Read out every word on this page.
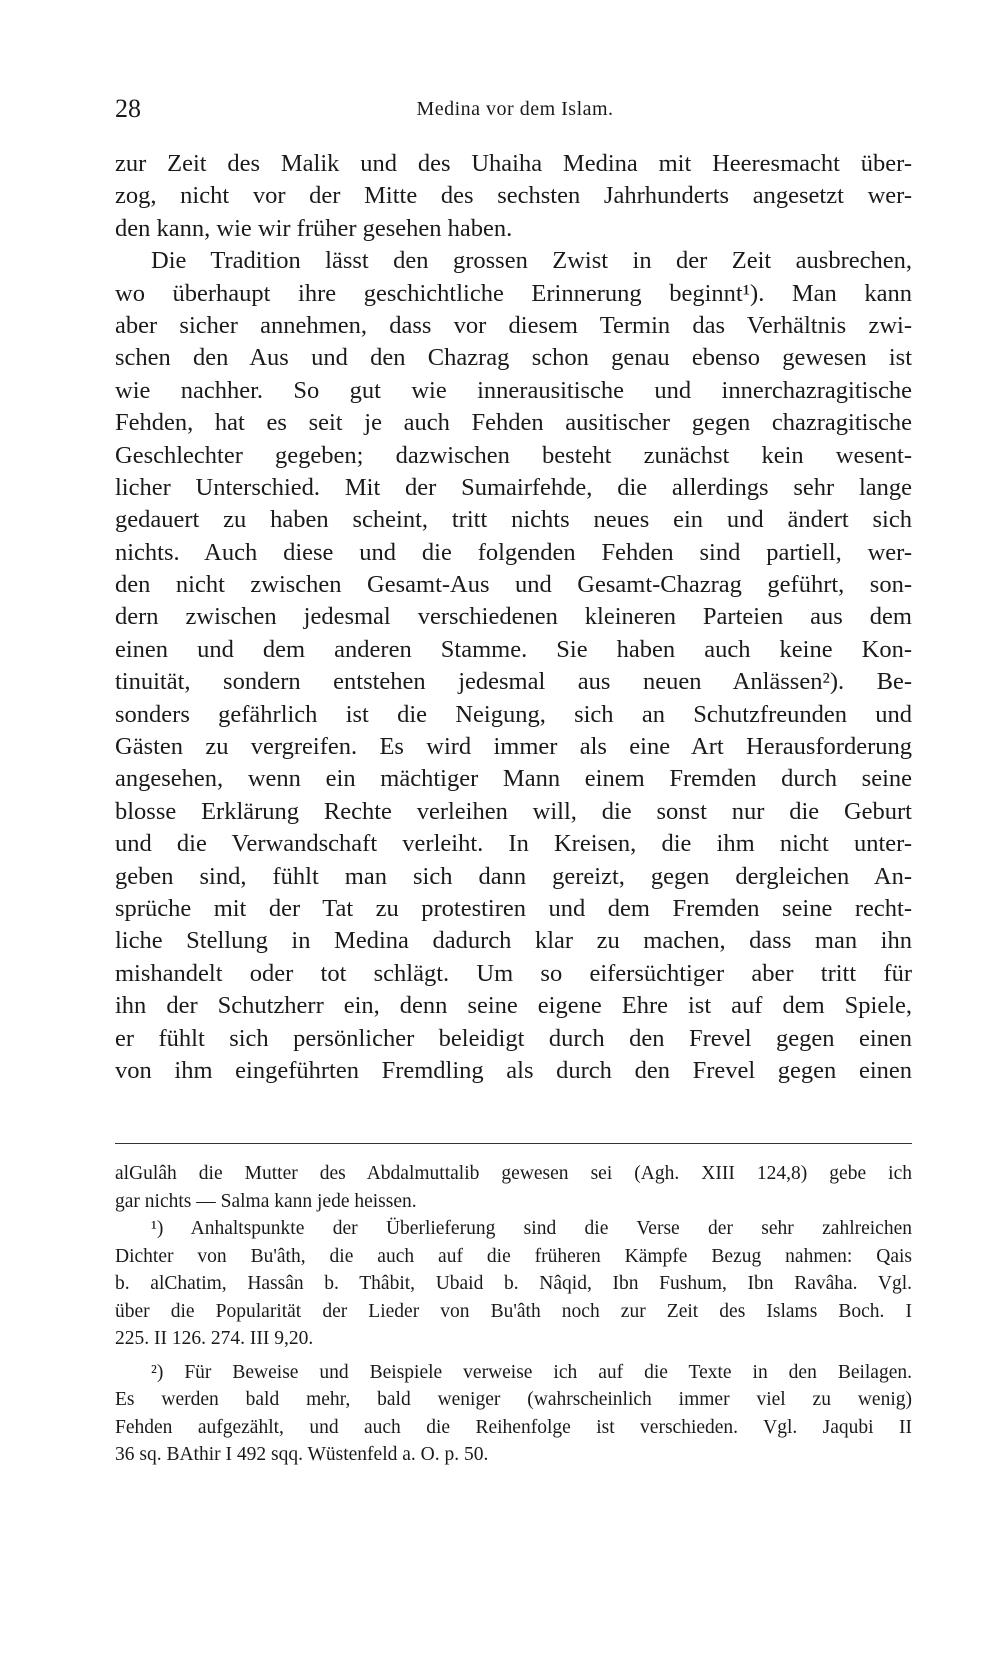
28	Medina vor dem Islam.
zur Zeit des Malik und des Uhaiha Medina mit Heeresmacht über-
zog, nicht vor der Mitte des sechsten Jahrhunderts angesetzt wer-
den kann, wie wir früher gesehen haben.
Die Tradition lässt den grossen Zwist in der Zeit ausbrechen,
wo überhaupt ihre geschichtliche Erinnerung beginnt¹). Man kann
aber sicher annehmen, dass vor diesem Termin das Verhältnis zwi-
schen den Aus und den Chazrag schon genau ebenso gewesen ist
wie nachher. So gut wie innerausitische und innerchazragitische
Fehden, hat es seit je auch Fehden ausitischer gegen chazragitische
Geschlechter gegeben; dazwischen besteht zunächst kein wesent-
licher Unterschied. Mit der Sumairfehde, die allerdings sehr lange
gedauert zu haben scheint, tritt nichts neues ein und ändert sich
nichts. Auch diese und die folgenden Fehden sind partiell, wer-
den nicht zwischen Gesamt-Aus und Gesamt-Chazrag geführt, son-
dern zwischen jedesmal verschiedenen kleineren Parteien aus dem
einen und dem anderen Stamme. Sie haben auch keine Kon-
tinuität, sondern entstehen jedesmal aus neuen Anlässen²). Be-
sonders gefährlich ist die Neigung, sich an Schutzfreunden und
Gästen zu vergreifen. Es wird immer als eine Art Herausforderung
angesehen, wenn ein mächtiger Mann einem Fremden durch seine
blosse Erklärung Rechte verleihen will, die sonst nur die Geburt
und die Verwandschaft verleiht. In Kreisen, die ihm nicht unter-
geben sind, fühlt man sich dann gereizt, gegen dergleichen An-
sprüche mit der Tat zu protestiren und dem Fremden seine recht-
liche Stellung in Medina dadurch klar zu machen, dass man ihn
mishandelt oder tot schlägt. Um so eifersüchtiger aber tritt für
ihn der Schutzherr ein, denn seine eigene Ehre ist auf dem Spiele,
er fühlt sich persönlicher beleidigt durch den Frevel gegen einen
von ihm eingeführten Fremdling als durch den Frevel gegen einen
alGulâh die Mutter des Abdalmuttalib gewesen sei (Agh. XIII 124,8) gebe ich
gar nichts — Salma kann jede heissen.
¹) Anhaltspunkte der Überlieferung sind die Verse der sehr zahlreichen
Dichter von Bu'âth, die auch auf die früheren Kämpfe Bezug nahmen: Qais
b. alChatim, Hassân b. Thâbit, Ubaid b. Nâqid, Ibn Fushum, Ibn Ravâha. Vgl.
über die Popularität der Lieder von Bu'âth noch zur Zeit des Islams Boch. I
225. II 126. 274. III 9,20.
²) Für Beweise und Beispiele verweise ich auf die Texte in den Beilagen.
Es werden bald mehr, bald weniger (wahrscheinlich immer viel zu wenig)
Fehden aufgezählt, und auch die Reihenfolge ist verschieden. Vgl. Jaqubi II
36 sq. BAthir I 492 sqq. Wüstenfeld a. O. p. 50.
